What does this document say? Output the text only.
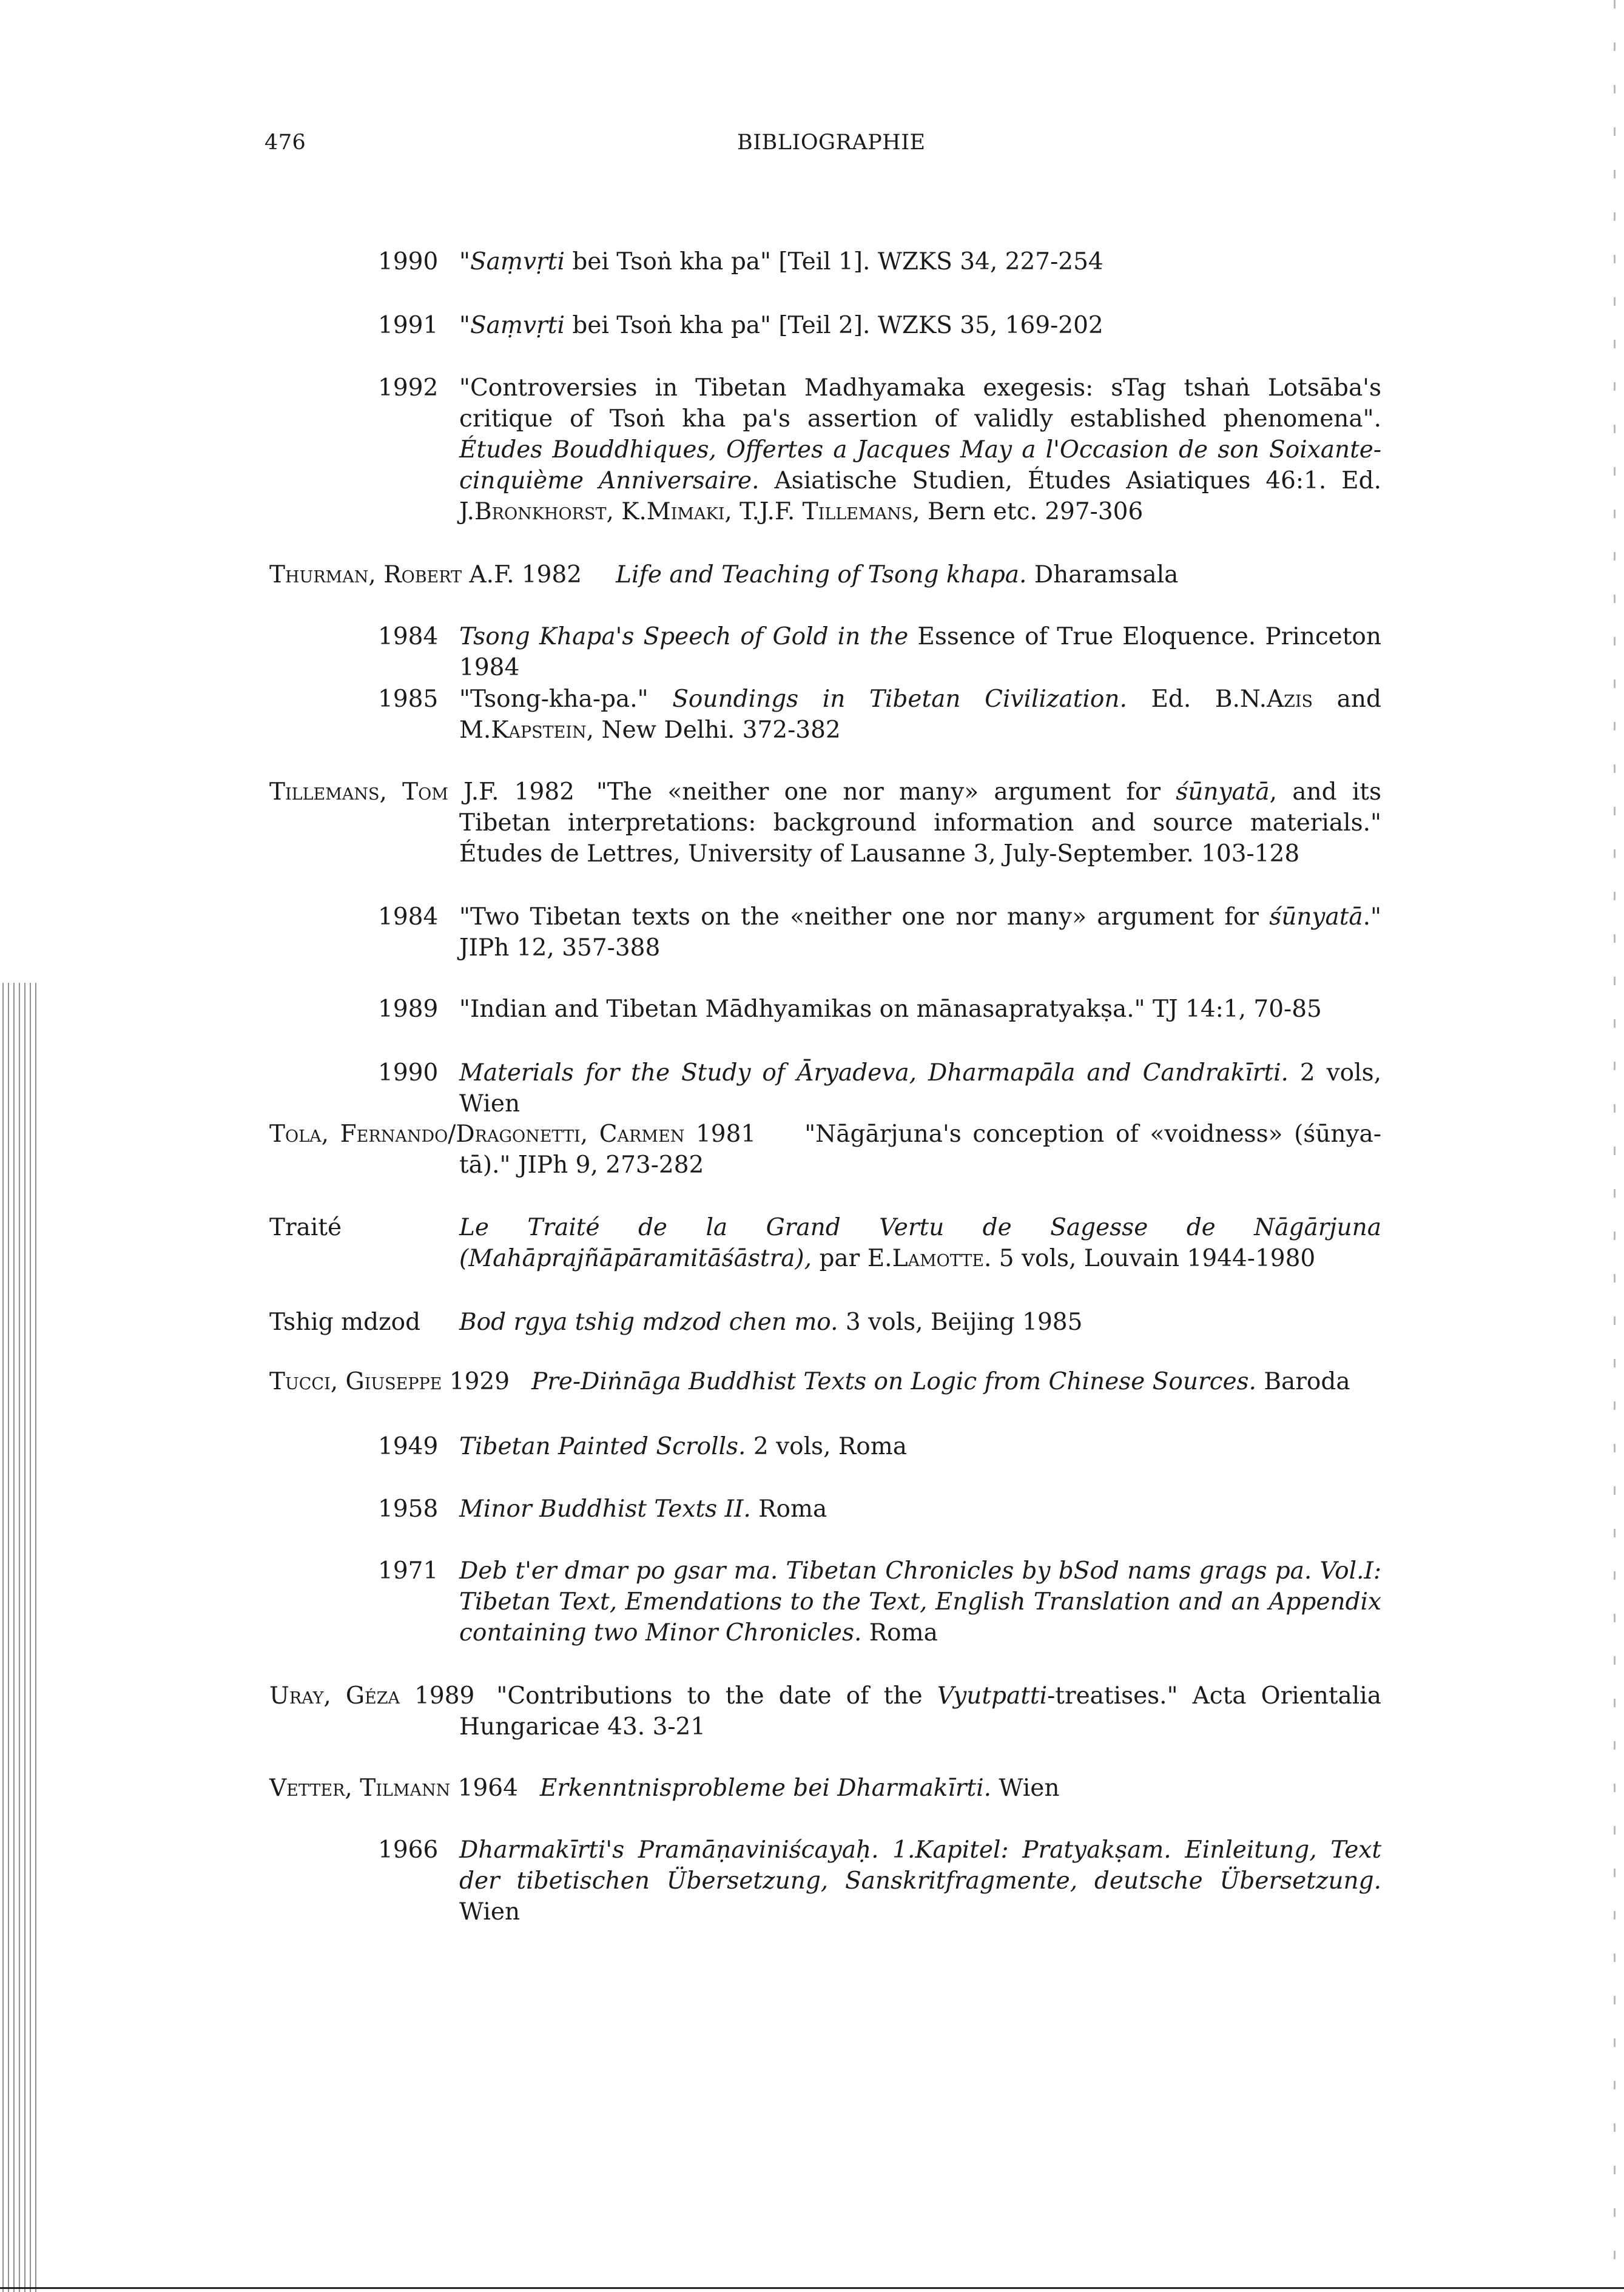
476	BIBLIOGRAPHIE
1990 "Saṃvṛti bei Tsoṅ kha pa" [Teil 1]. WZKS 34, 227-254
1991 "Saṃvṛti bei Tsoṅ kha pa" [Teil 2]. WZKS 35, 169-202
1992 "Controversies in Tibetan Madhyamaka exegesis: sTag tshaṅ Lotsāba's critique of Tsoṅ kha pa's assertion of validly established phenomena". Études Bouddhiques, Offertes a Jacques May a l'Occasion de son Soixante-cinquième Anniversaire. Asiatische Studien, Études Asiatiques 46:1. Ed. J.Bronkhorst, K.Mimaki, T.J.F. Tillemans, Bern etc. 297-306
Thurman, Robert A.F. 1982 Life and Teaching of Tsong khapa. Dharamsala
1984 Tsong Khapa's Speech of Gold in the Essence of True Eloquence. Princeton 1984
1985 "Tsong-kha-pa." Soundings in Tibetan Civilization. Ed. B.N.Azis and M.Kapstein, New Delhi. 372-382
Tillemans, Tom J.F. 1982 "The «neither one nor many» argument for śūnyatā, and its Tibetan interpretations: background information and source materials." Études de Lettres, University of Lausanne 3, July-September. 103-128
1984 "Two Tibetan texts on the «neither one nor many» argument for śūnyatā." JIPh 12, 357-388
1989 "Indian and Tibetan Mādhyamikas on mānasapratyakṣa." TJ 14:1, 70-85
1990 Materials for the Study of Āryadeva, Dharmapāla and Candrakīrti. 2 vols, Wien
Tola, Fernando/Dragonetti, Carmen 1981 "Nāgārjuna's conception of «voidness» (śūnya-tā)." JIPh 9, 273-282
Traité	Le Traité de la Grand Vertu de Sagesse de Nāgārjuna (Mahāprajñāpāramitāśāstra), par E.Lamotte. 5 vols, Louvain 1944-1980
Tshig mdzod Bod rgya tshig mdzod chen mo. 3 vols, Beijing 1985
Tucci, Giuseppe 1929 Pre-Diṅnāga Buddhist Texts on Logic from Chinese Sources. Baroda
1949 Tibetan Painted Scrolls. 2 vols, Roma
1958 Minor Buddhist Texts II. Roma
1971 Deb t'er dmar po gsar ma. Tibetan Chronicles by bSod nams grags pa. Vol.I: Tibetan Text, Emendations to the Text, English Translation and an Appendix containing two Minor Chronicles. Roma
Uray, Géza 1989 "Contributions to the date of the Vyutpatti-treatises." Acta Orientalia Hungaricae 43. 3-21
Vetter, Tilmann 1964 Erkenntnisprobleme bei Dharmakīrti. Wien
1966 Dharmakīrti's Pramāṇaviniścayaḥ. 1.Kapitel: Pratyakṣam. Einleitung, Text der tibetischen Übersetzung, Sanskritfragmente, deutsche Übersetzung. Wien
